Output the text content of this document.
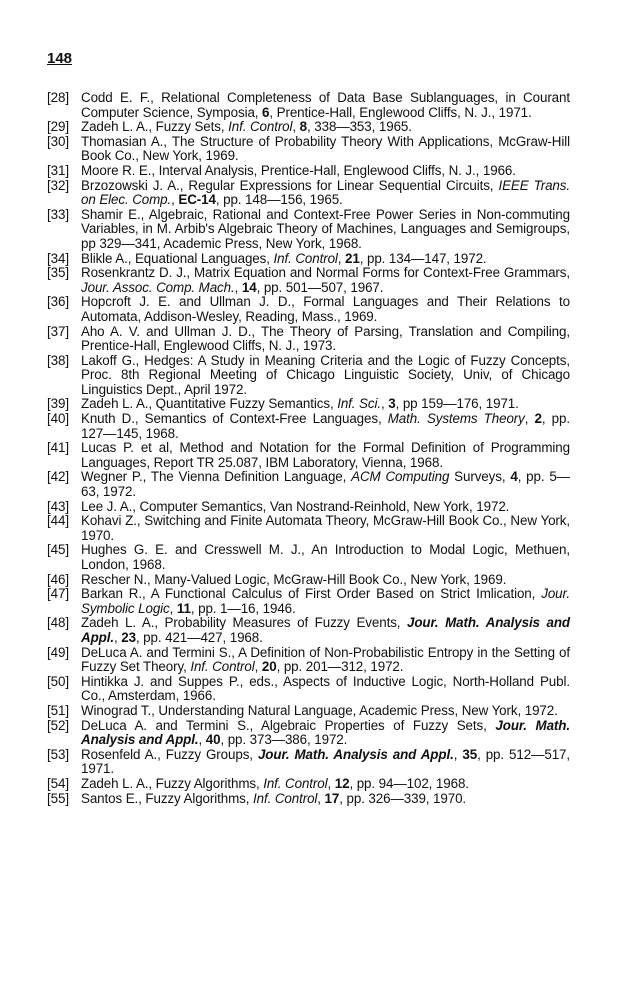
148
[28] Codd E. F., Relational Completeness of Data Base Sublanguages, in Courant Computer Science, Symposia, 6, Prentice-Hall, Englewood Cliffs, N. J., 1971.
[29] Zadeh L. A., Fuzzy Sets, Inf. Control, 8, 338—353, 1965.
[30] Thomasian A., The Structure of Probability Theory With Applications, McGraw-Hill Book Co., New York, 1969.
[31] Moore R. E., Interval Analysis, Prentice-Hall, Englewood Cliffs, N. J., 1966.
[32] Brzozowski J. A., Regular Expressions for Linear Sequential Circuits, IEEE Trans. on Elec. Comp., EC-14, pp. 148—156, 1965.
[33] Shamir E., Algebraic, Rational and Context-Free Power Series in Non-commuting Variables, in M. Arbib's Algebraic Theory of Machines, Languages and Semigroups, pp 329—341, Academic Press, New York, 1968.
[34] Blikle A., Equational Languages, Inf. Control, 21, pp. 134—147, 1972.
[35] Rosenkrantz D. J., Matrix Equation and Normal Forms for Context-Free Grammars, Jour. Assoc. Comp. Mach., 14, pp. 501—507, 1967.
[36] Hopcroft J. E. and Ullman J. D., Formal Languages and Their Relations to Automata, Addison-Wesley, Reading, Mass., 1969.
[37] Aho A. V. and Ullman J. D., The Theory of Parsing, Translation and Compiling, Prentice-Hall, Englewood Cliffs, N. J., 1973.
[38] Lakoff G., Hedges: A Study in Meaning Criteria and the Logic of Fuzzy Concepts, Proc. 8th Regional Meeting of Chicago Linguistic Society, Univ, of Chicago Linguistics Dept., April 1972.
[39] Zadeh L. A., Quantitative Fuzzy Semantics, Inf. Sci., 3, pp 159—176, 1971.
[40] Knuth D., Semantics of Context-Free Languages, Math. Systems Theory, 2, pp. 127—145, 1968.
[41] Lucas P. et al, Method and Notation for the Formal Definition of Programming Languages, Report TR 25.087, IBM Laboratory, Vienna, 1968.
[42] Wegner P., The Vienna Definition Language, ACM Computing Surveys, 4, pp. 5—63, 1972.
[43] Lee J. A., Computer Semantics, Van Nostrand-Reinhold, New York, 1972.
[44] Kohavi Z., Switching and Finite Automata Theory, McGraw-Hill Book Co., New York, 1970.
[45] Hughes G. E. and Cresswell M. J., An Introduction to Modal Logic, Methuen, London, 1968.
[46] Rescher N., Many-Valued Logic, McGraw-Hill Book Co., New York, 1969.
[47] Barkan R., A Functional Calculus of First Order Based on Strict Imlication, Jour. Symbolic Logic, 11, pp. 1—16, 1946.
[48] Zadeh L. A., Probability Measures of Fuzzy Events, Jour. Math. Analysis and Appl., 23, pp. 421—427, 1968.
[49] DeLuca A. and Termini S., A Definition of Non-Probabilistic Entropy in the Setting of Fuzzy Set Theory, Inf. Control, 20, pp. 201—312, 1972.
[50] Hintikka J. and Suppes P., eds., Aspects of Inductive Logic, North-Holland Publ. Co., Amsterdam, 1966.
[51] Winograd T., Understanding Natural Language, Academic Press, New York, 1972.
[52] DeLuca A. and Termini S., Algebraic Properties of Fuzzy Sets, Jour. Math. Analysis and Appl., 40, pp. 373—386, 1972.
[53] Rosenfeld A., Fuzzy Groups, Jour. Math. Analysis and Appl., 35, pp. 512—517, 1971.
[54] Zadeh L. A., Fuzzy Algorithms, Inf. Control, 12, pp. 94—102, 1968.
[55] Santos E., Fuzzy Algorithms, Inf. Control, 17, pp. 326—339, 1970.
